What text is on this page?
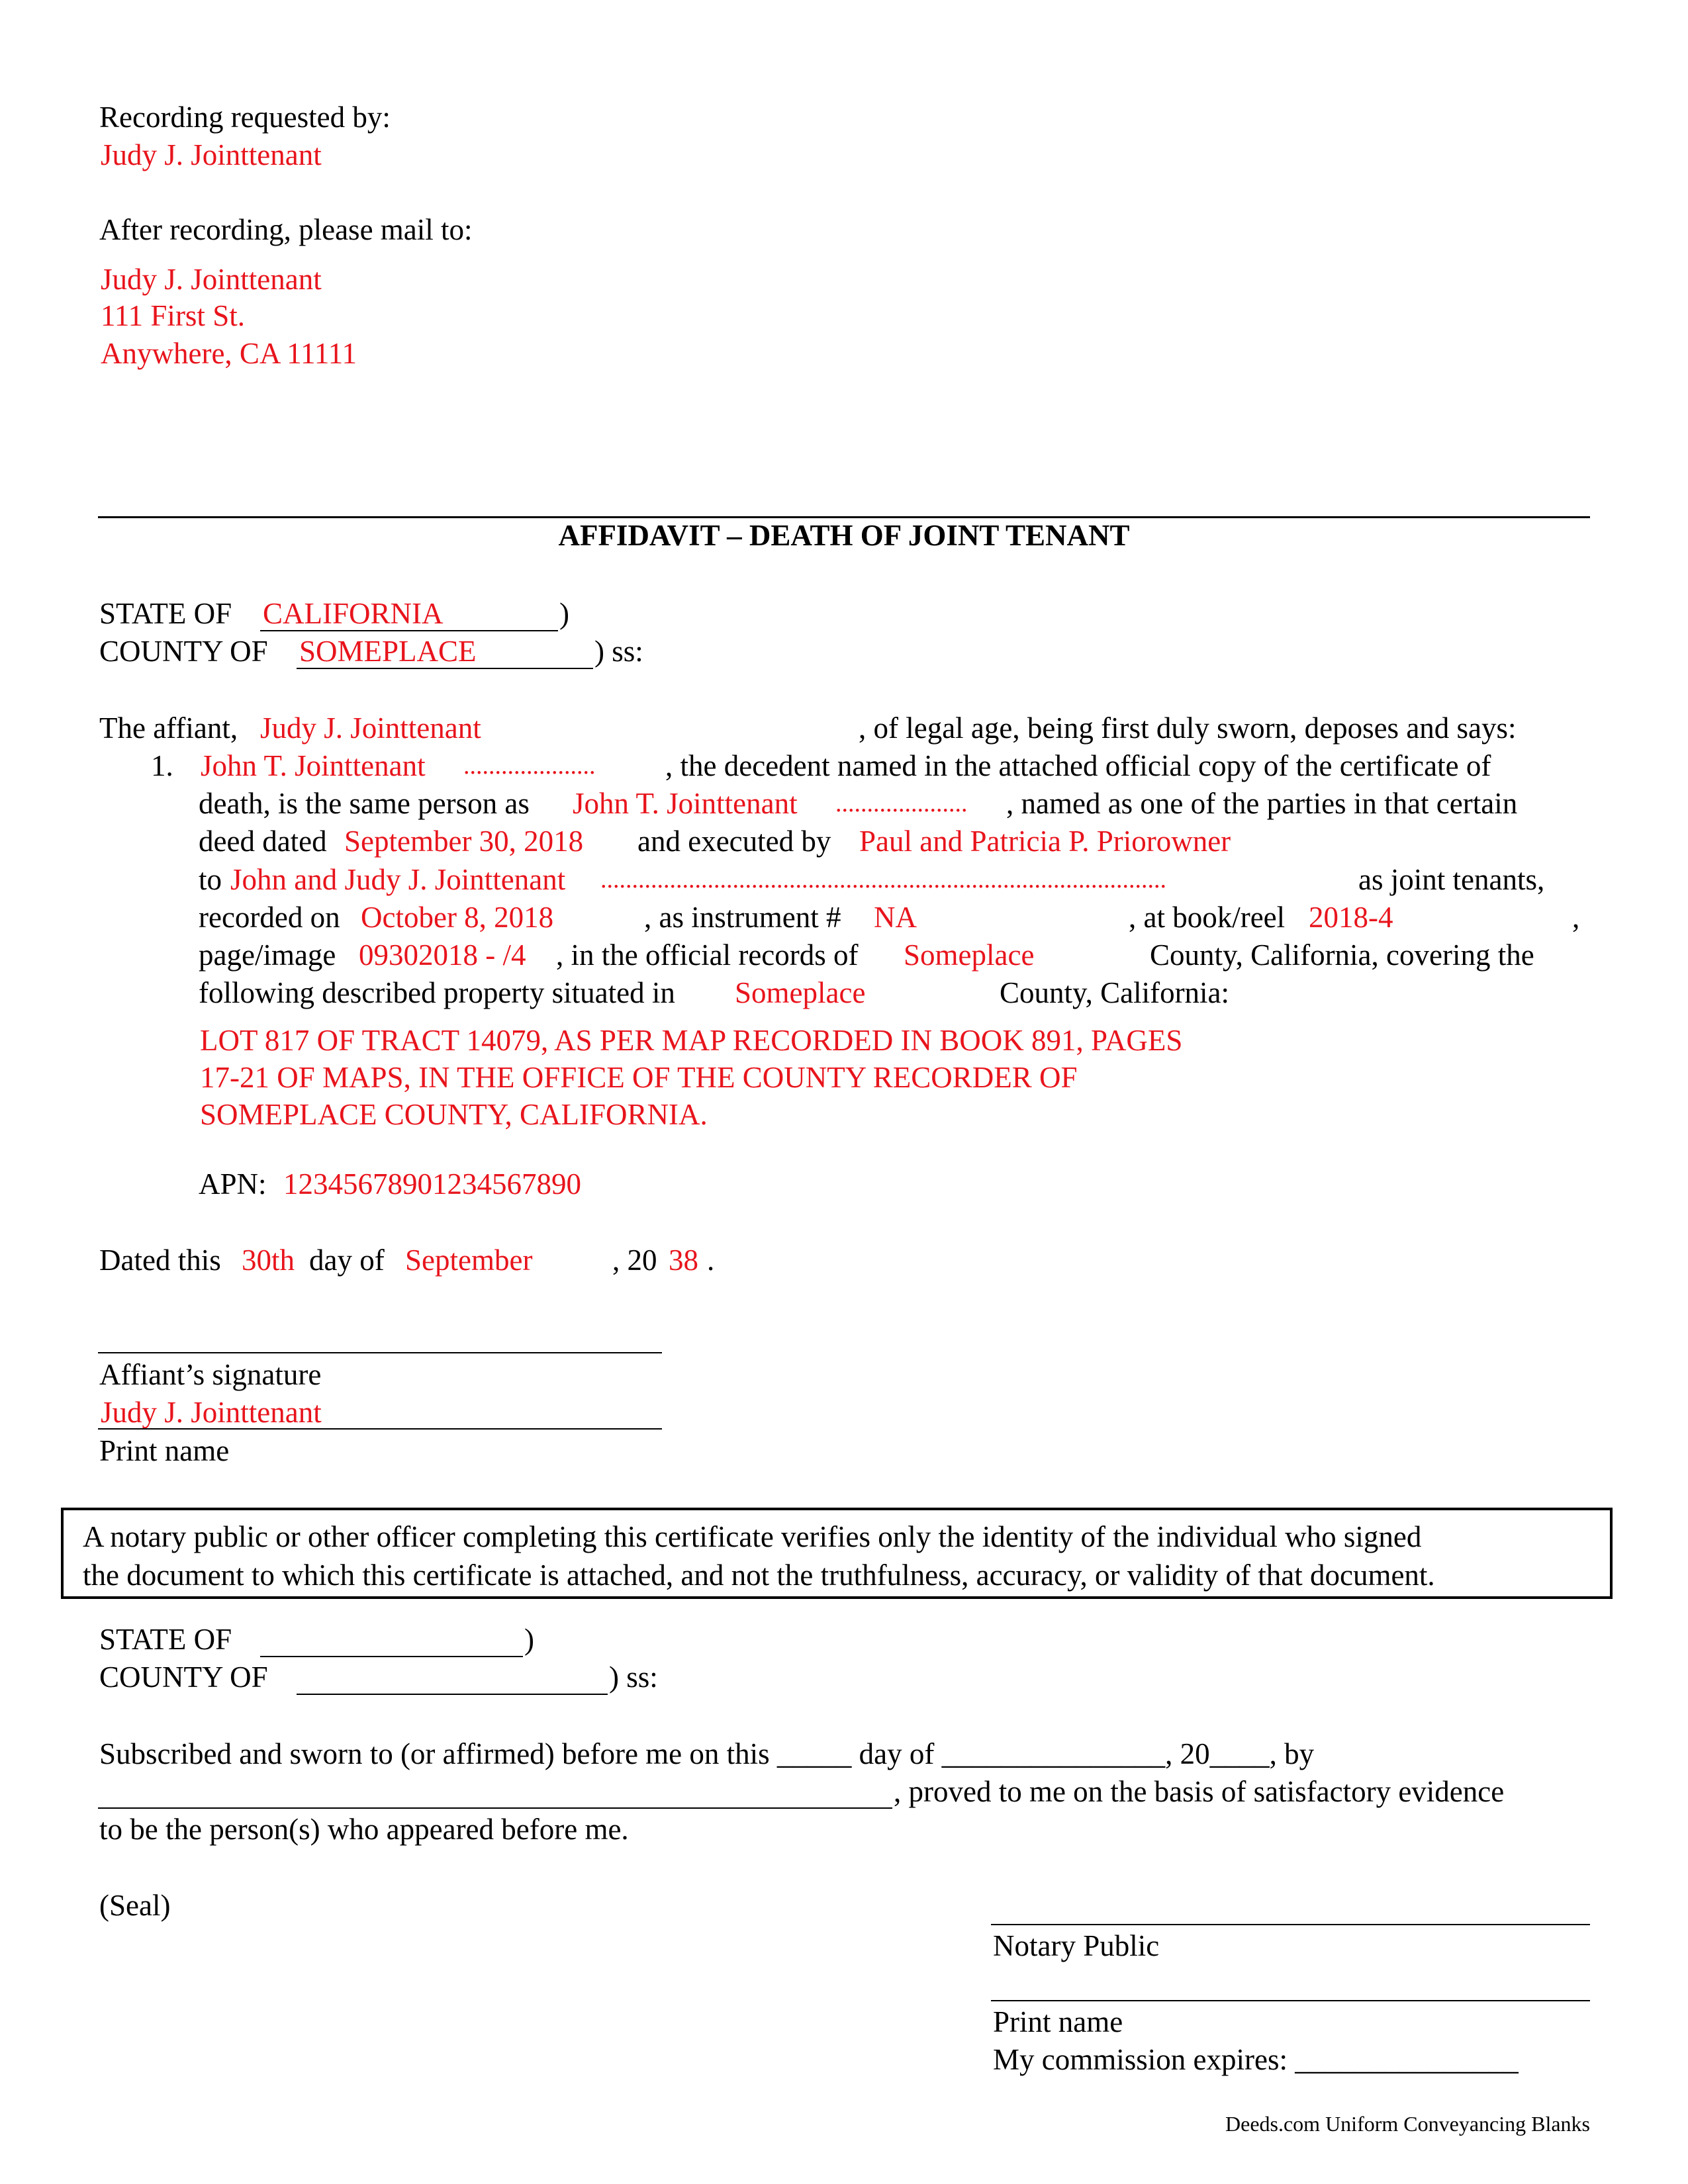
Recording requested by:
Judy J. Jointtenant
After recording, please mail to:
Judy J. Jointtenant
111 First St.
Anywhere, CA 11111
AFFIDAVIT – DEATH OF JOINT TENANT
STATE OF CALIFORNIA	)
COUNTY OF SOMEPLACE	) ss:
The affiant, Judy J. Jointtenant	, of legal age, being first duly sworn, deposes and says:
1. John T. Jointtenant ..................... , the decedent named in the attached official copy of the certificate of
death, is the same person as John T. Jointtenant ..................... , named as one of the parties in that certain
deed dated September 30, 2018 and executed by Paul and Patricia P. Priorowner
to John and Judy J. Jointtenant ..........................................................................................	as joint tenants,
recorded on October 8, 2018	, as instrument # NA	, at book/reel 2018-4	,
page/image 09302018 - /4 , in the official records of Someplace	County, California, covering the
following described property situated in Someplace	County, California:
LOT 817 OF TRACT 14079, AS PER MAP RECORDED IN BOOK 891, PAGES
17-21 OF MAPS, IN THE OFFICE OF THE COUNTY RECORDER OF
SOMEPLACE COUNTY, CALIFORNIA.
APN: 12345678901234567890
Dated this 30th day of September	, 20 38 .
Affiant’s signature
Judy J. Jointtenant
Print name
A notary public or other officer completing this certificate verifies only the identity of the individual who signed
the document to which this certificate is attached, and not the truthfulness, accuracy, or validity of that document.
STATE OF	)
COUNTY OF	) ss:
Subscribed and sworn to (or affirmed) before me on this _____ day of _______________, 20____, by
, proved to me on the basis of satisfactory evidence
to be the person(s) who appeared before me.
(Seal)
Notary Public
Print name
My commission expires: _______________
Deeds.com Uniform Conveyancing Blanks
